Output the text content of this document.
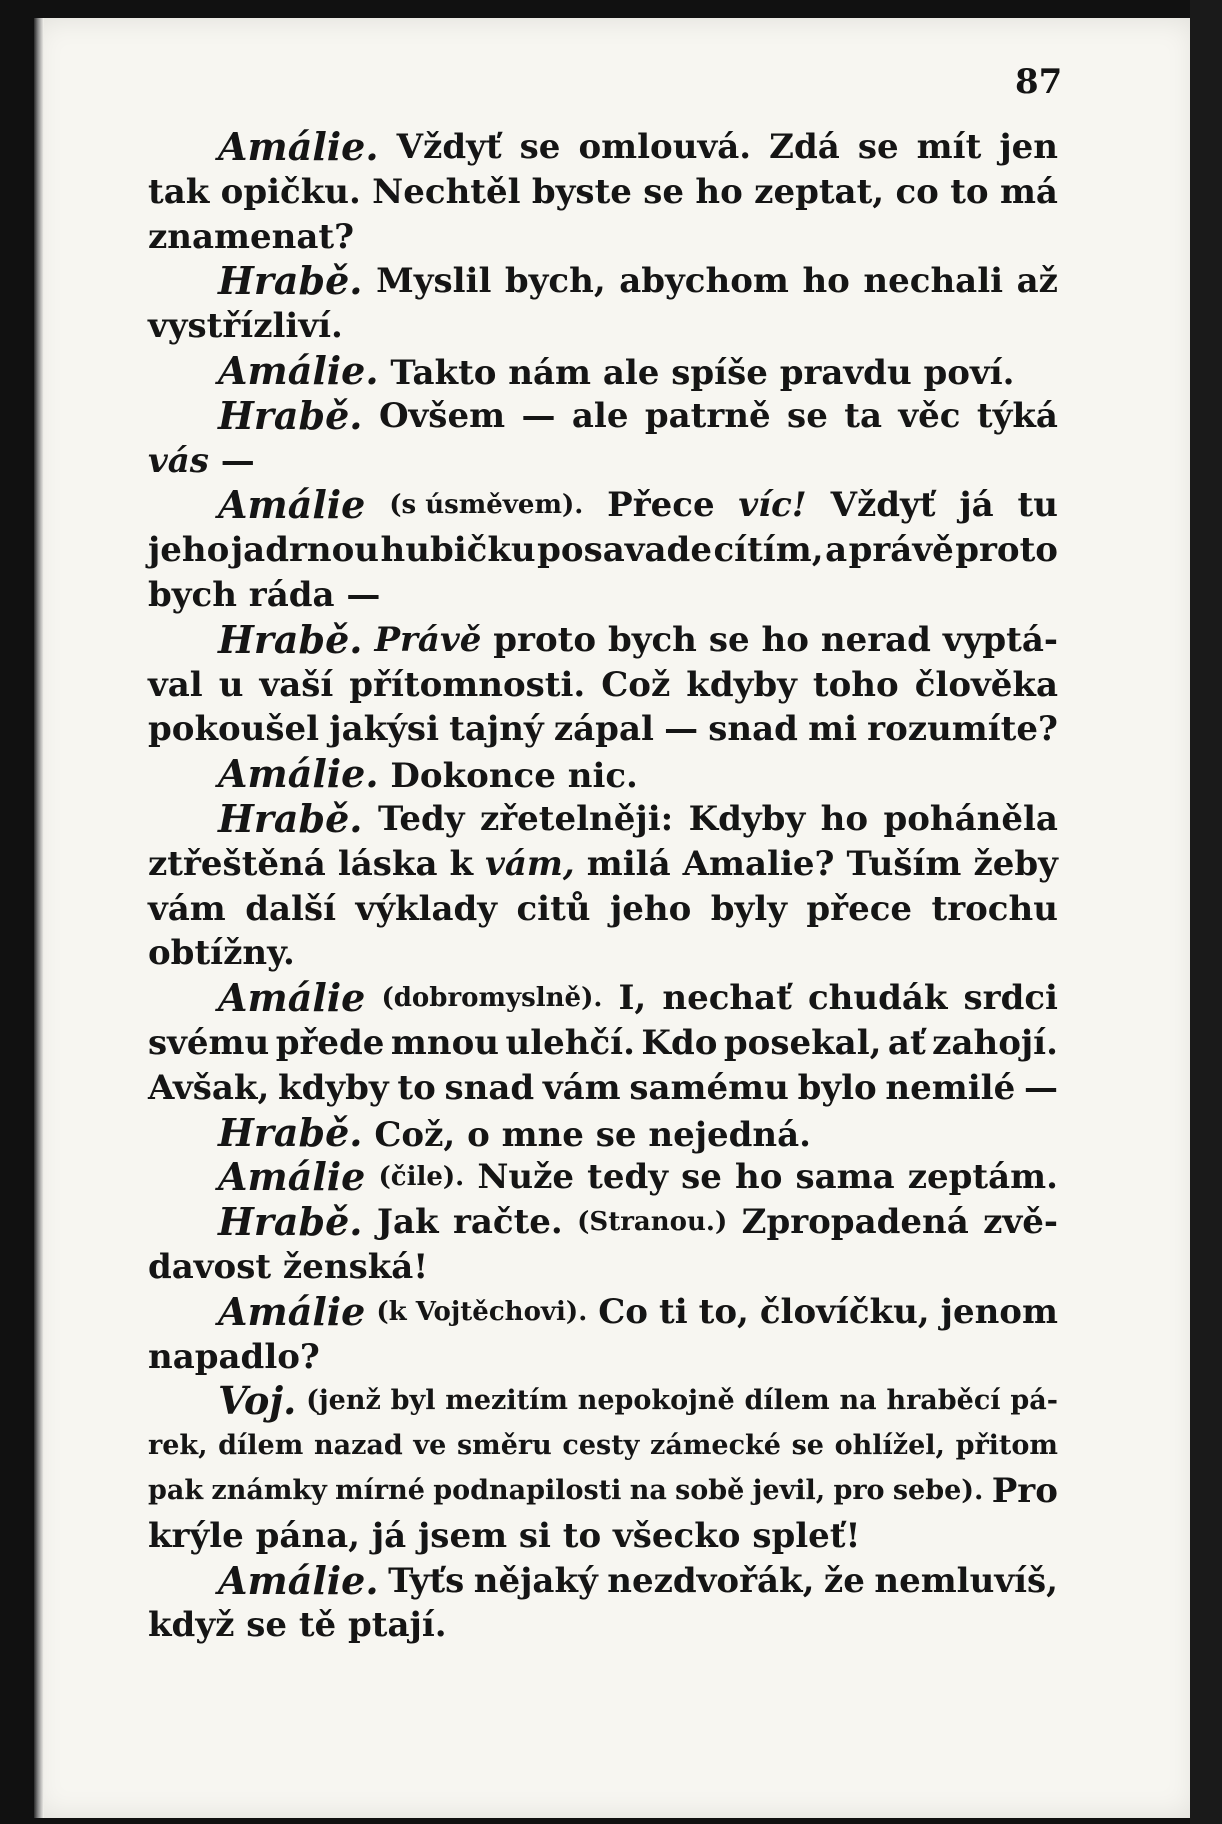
87
Amálie. Vždyť se omlouvá. Zdá se mít jen
tak opičku. Nechtěl byste se ho zeptat, co to má
znamenat?
Hrabě. Myslil bych, abychom ho nechali až
vystřízliví.
Amálie. Takto nám ale spíše pravdu poví.
Hrabě. Ovšem — ale patrně se ta věc týká
vás —
Amálie (s úsměvem). Přece víc! Vždyť já tu
jeho jadrnou hubičku posavade cítím, a právě proto
bych ráda —
Hrabě. Právě proto bych se ho nerad vyptá-
val u vaší přítomnosti. Což kdyby toho člověka
pokoušel jakýsi tajný zápal — snad mi rozumíte?
Amálie. Dokonce nic.
Hrabě. Tedy zřetelněji: Kdyby ho poháněla
ztřeštěná láska k vám, milá Amalie? Tuším žeby
vám další výklady citů jeho byly přece trochu
obtížny.
Amálie (dobromyslně). I, nechať chudák srdci
svému přede mnou ulehčí. Kdo posekal, ať zahojí.
Avšak, kdyby to snad vám samému bylo nemilé —
Hrabě. Což, o mne se nejedná.
Amálie (čile). Nuže tedy se ho sama zeptám.
Hrabě. Jak račte. (Stranou.) Zpropadená zvě-
davost ženská!
Amálie (k Vojtěchovi). Co ti to, človíčku, jenom
napadlo?
Voj. (jenž byl mezitím nepokojně dílem na hraběcí pá-
rek, dílem nazad ve směru cesty zámecké se ohlížel, přitom
pak známky mírné podnapilosti na sobě jevil, pro sebe). Pro
krýle pána, já jsem si to všecko spleť!
Amálie. Tyťs nějaký nezdvořák, že nemluvíš,
když se tě ptají.
